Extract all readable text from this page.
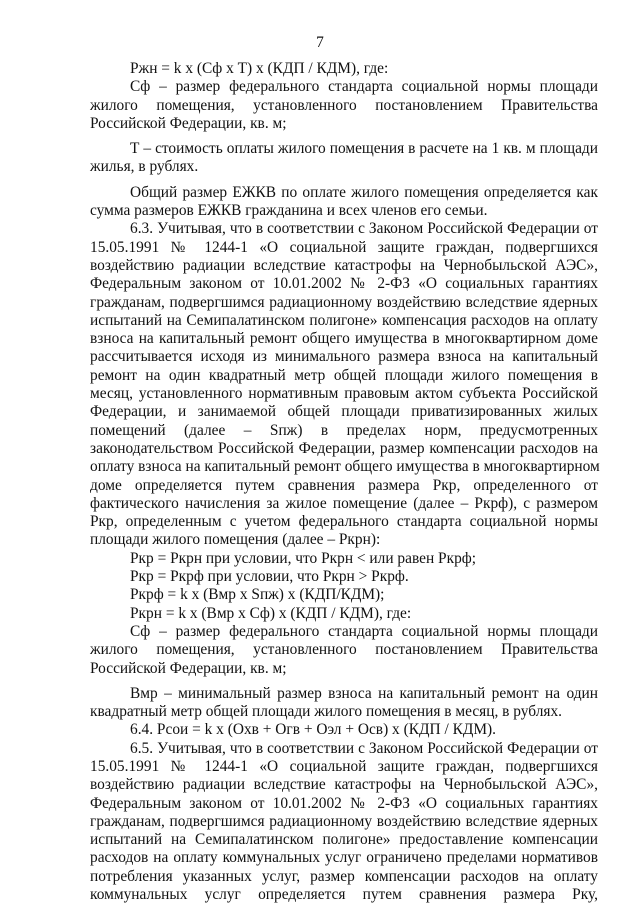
7
Ржн = k х (Сф х Т) х (КДП / КДМ), где:
Сф – размер федерального стандарта социальной нормы площади
жилого помещения, установленного постановлением Правительства
Российской Федерации, кв. м;
Т – стоимость оплаты жилого помещения в расчете на 1 кв. м площади
жилья, в рублях.
Общий размер ЕЖКВ по оплате жилого помещения определяется как
сумма размеров ЕЖКВ гражданина и всех членов его семьи.
6.3. Учитывая, что в соответствии с Законом Российской Федерации от
15.05.1991 № 1244-1 «О социальной защите граждан, подвергшихся
воздействию радиации вследствие катастрофы на Чернобыльской АЭС»,
Федеральным законом от 10.01.2002 № 2-ФЗ «О социальных гарантиях
гражданам, подвергшимся радиационному воздействию вследствие ядерных
испытаний на Семипалатинском полигоне» компенсация расходов на оплату
взноса на капитальный ремонт общего имущества в многоквартирном доме
рассчитывается исходя из минимального размера взноса на капитальный
ремонт на один квадратный метр общей площади жилого помещения в
месяц, установленного нормативным правовым актом субъекта Российской
Федерации, и занимаемой общей площади приватизированных жилых
помещений (далее – Sпж) в пределах норм, предусмотренных
законодательством Российской Федерации, размер компенсации расходов на
оплату взноса на капитальный ремонт общего имущества в многоквартирном
доме определяется путем сравнения размера Ркр, определенного от
фактического начисления за жилое помещение (далее – Ркрф), с размером
Ркр, определенным с учетом федерального стандарта социальной нормы
площади жилого помещения (далее – Ркрн):
Ркр = Ркрн при условии, что Ркрн < или равен Ркрф;
Ркр = Ркрф при условии, что Ркрн > Ркрф.
Ркрф = k х (Вмр х Sпж) х (КДП/КДМ);
Ркрн = k х (Вмр х Сф) х (КДП / КДМ), где:
Сф – размер федерального стандарта социальной нормы площади
жилого помещения, установленного постановлением Правительства
Российской Федерации, кв. м;
Вмр – минимальный размер взноса на капитальный ремонт на один
квадратный метр общей площади жилого помещения в месяц, в рублях.
6.4. Рсои = k х (Охв + Огв + Оэл + Осв) х (КДП / КДМ).
6.5. Учитывая, что в соответствии с Законом Российской Федерации от
15.05.1991 № 1244-1 «О социальной защите граждан, подвергшихся
воздействию радиации вследствие катастрофы на Чернобыльской АЭС»,
Федеральным законом от 10.01.2002 № 2-ФЗ «О социальных гарантиях
гражданам, подвергшимся радиационному воздействию вследствие ядерных
испытаний на Семипалатинском полигоне» предоставление компенсации
расходов на оплату коммунальных услуг ограничено пределами нормативов
потребления указанных услуг, размер компенсации расходов на оплату
коммунальных услуг определяется путем сравнения размера Рку,
